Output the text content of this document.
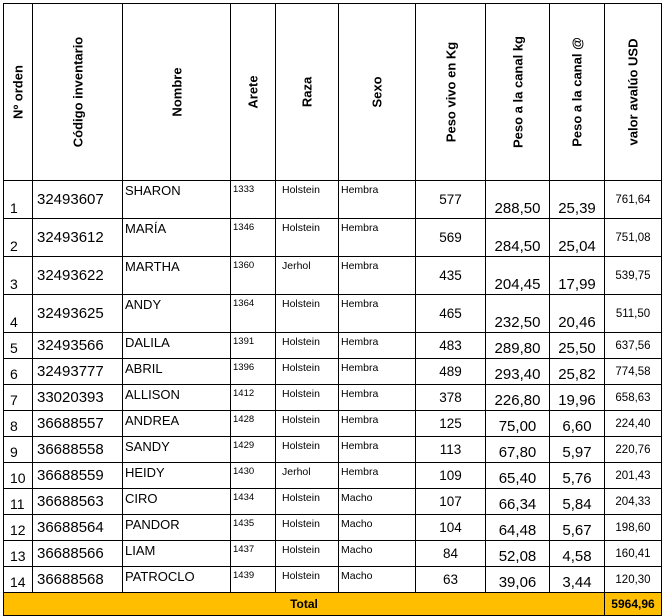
Nº orden	Código inventario	Nombre	Arete	Raza	Sexo	Peso vivo en Kg	Peso a la canal kg	Peso a la canal @	valor avalúo USD

1	32493607	SHARON	1333	Holstein	Hembra	577	288,50	25,39	761,64
2	32493612	MARÍA	1346	Holstein	Hembra	569	284,50	25,04	751,08
3	32493622	MARTHA	1360	Jerhol	Hembra	435	204,45	17,99	539,75
4	32493625	ANDY	1364	Holstein	Hembra	465	232,50	20,46	511,50
5	32493566	DALILA	1391	Holstein	Hembra	483	289,80	25,50	637,56
6	32493777	ABRIL	1396	Holstein	Hembra	489	293,40	25,82	774,58
7	33020393	ALLISON	1412	Holstein	Hembra	378	226,80	19,96	658,63
8	36688557	ANDREA	1428	Holstein	Hembra	125	75,00	6,60	224,40
9	36688558	SANDY	1429	Holstein	Hembra	113	67,80	5,97	220,76
10	36688559	HEIDY	1430	Jerhol	Hembra	109	65,40	5,76	201,43
11	36688563	CIRO	1434	Holstein	Macho	107	66,34	5,84	204,33
12	36688564	PANDOR	1435	Holstein	Macho	104	64,48	5,67	198,60
13	36688566	LIAM	1437	Holstein	Macho	84	52,08	4,58	160,41
14	36688568	PATROCLO	1439	Holstein	Macho	63	39,06	3,44	120,30
Total									5964,96
